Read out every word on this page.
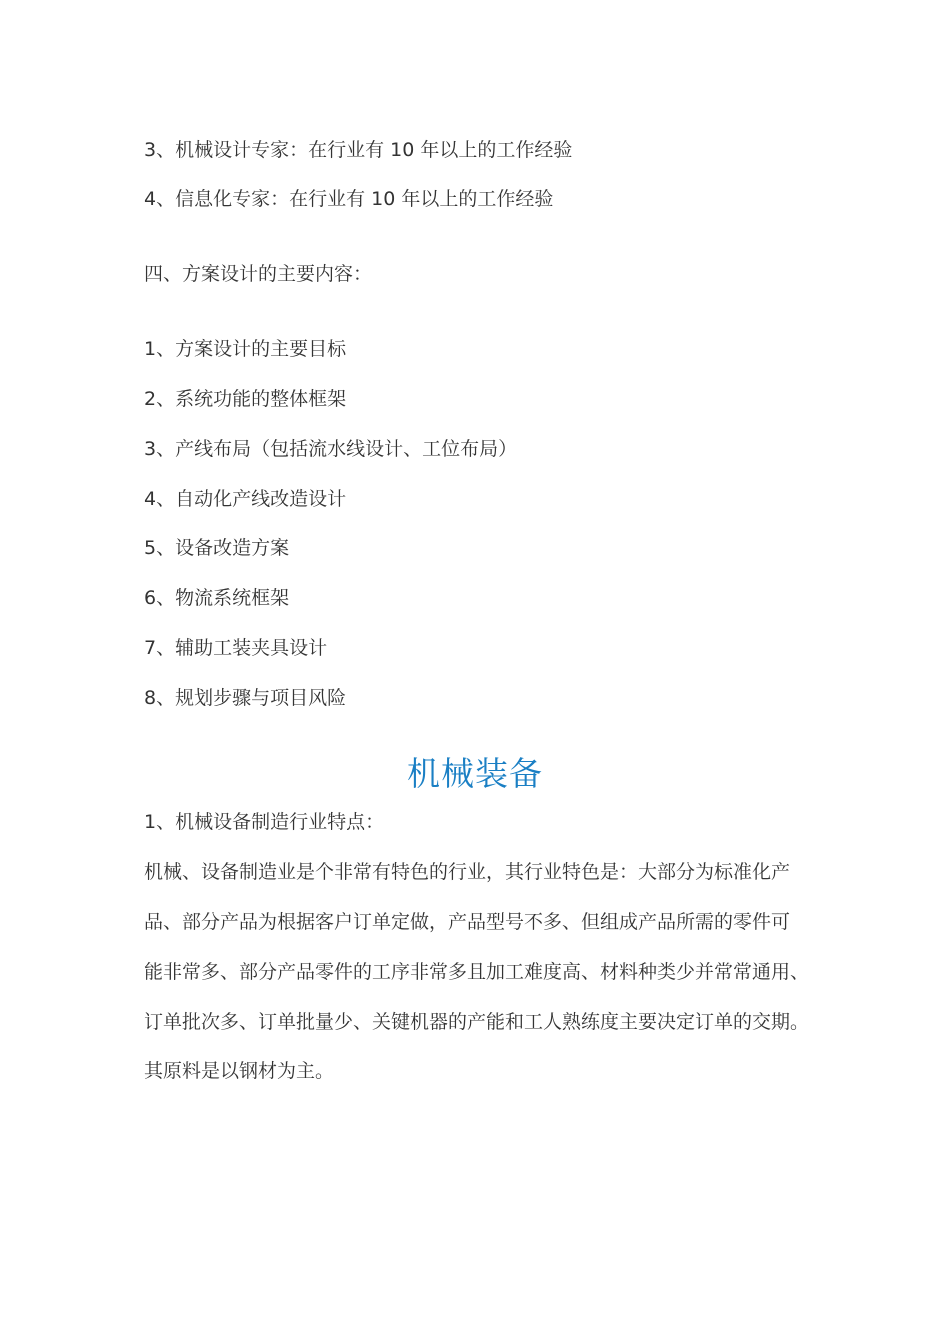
3、机械设计专家：在行业有 10 年以上的工作经验
4、信息化专家：在行业有 10 年以上的工作经验
四、方案设计的主要内容：
1、方案设计的主要目标
2、系统功能的整体框架
3、产线布局（包括流水线设计、工位布局）
4、自动化产线改造设计
5、设备改造方案
6、物流系统框架
7、辅助工装夹具设计
8、规划步骤与项目风险
机械装备
1、机械设备制造行业特点：
机械、设备制造业是个非常有特色的行业，其行业特色是：大部分为标准化产
品、部分产品为根据客户订单定做，产品型号不多、但组成产品所需的零件可
能非常多、部分产品零件的工序非常多且加工难度高、材料种类少并常常通用、
订单批次多、订单批量少、关键机器的产能和工人熟练度主要决定订单的交期。
其原料是以钢材为主。
